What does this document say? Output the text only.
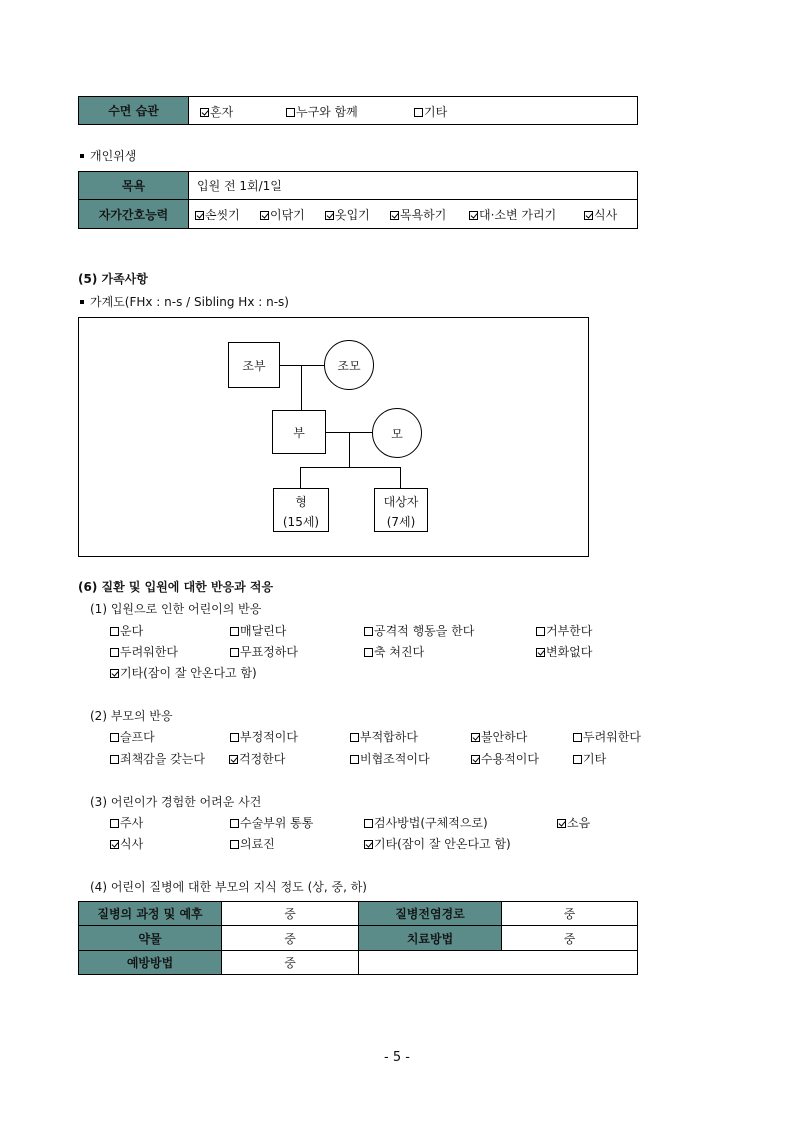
수면 습관	혼자	누구와 함께	기타
개인위생
목욕	입원 전 1회/1일
자가간호능력	손씻기	이닦기	옷입기	목욕하기	대·소변 가리기	식사
(5) 가족사항
가계도(FHx : n-s / Sibling Hx : n-s)
조부	조모
부	모
형
(15세)
대상자
(7세)
(6) 질환 및 입원에 대한 반응과 적응
(1) 입원으로 인한 어린이의 반응
운다	매달린다	공격적 행동을 한다	거부한다
두려워한다	무표정하다	축 쳐진다	변화없다
기타(잠이 잘 안온다고 함)
(2) 부모의 반응
슬프다	부정적이다	부적합하다	불안하다	두려워한다
죄책감을 갖는다	걱정한다	비협조적이다	수용적이다	기타
(3) 어린이가 경험한 어려운 사건
주사	수술부위 통통	검사방법(구체적으로)	소음
식사	의료진	기타(잠이 잘 안온다고 함)
(4) 어린이 질병에 대한 부모의 지식 정도 (상, 중, 하)
질병의 과정 및 예후	중	질병전염경로	중
약물	중	치료방법	중
예방방법	중
- 5 -
